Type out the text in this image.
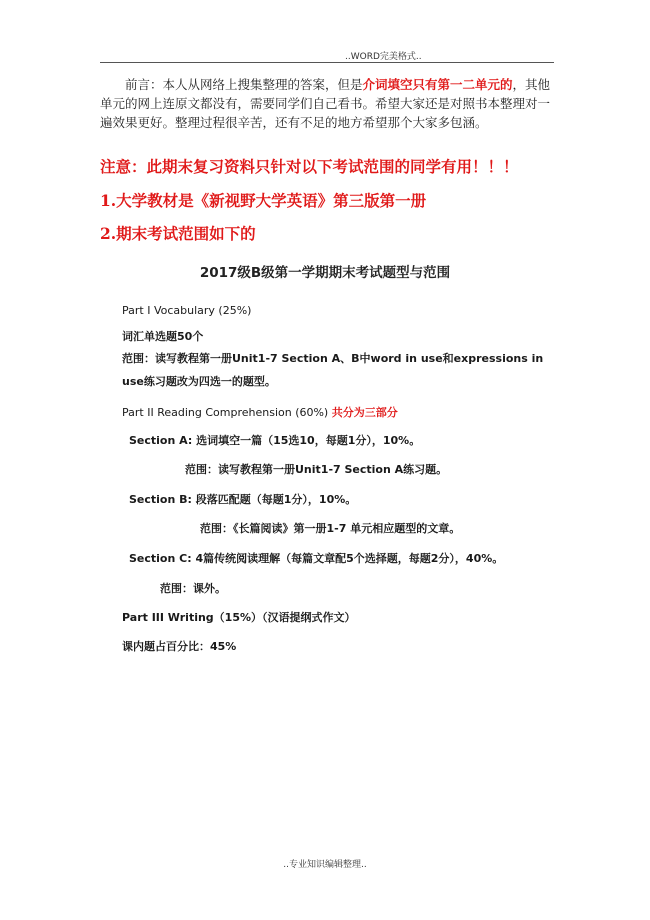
..WORD完美格式..

前言：本人从网络上搜集整理的答案，但是介词填空只有第一二单元的，其他单元的网上连原文都没有，需要同学们自己看书。希望大家还是对照书本整理对一遍效果更好。整理过程很辛苦，还有不足的地方希望那个大家多包涵。

注意：此期末复习资料只针对以下考试范围的同学有用！！！
1.大学教材是《新视野大学英语》第三版第一册
2.期末考试范围如下的
2017级B级第一学期期末考试题型与范围
Part I Vocabulary (25%)
词汇单选题50个
范围：读写教程第一册Unit1-7 Section A、B中word in use和expressions in use练习题改为四选一的题型。
Part II Reading Comprehension (60%) 共分为三部分
Section A: 选词填空一篇（15选10，每题1分），10%。
范围：读写教程第一册Unit1-7 Section A练习题。
Section B: 段落匹配题（每题1分），10%。
范围：《长篇阅读》第一册1-7 单元相应题型的文章。
Section C: 4篇传统阅读理解（每篇文章配5个选择题，每题2分），40%。
范围：课外。
Part III Writing（15%）（汉语提纲式作文）
课内题占百分比：45%
..专业知识编辑整理..
